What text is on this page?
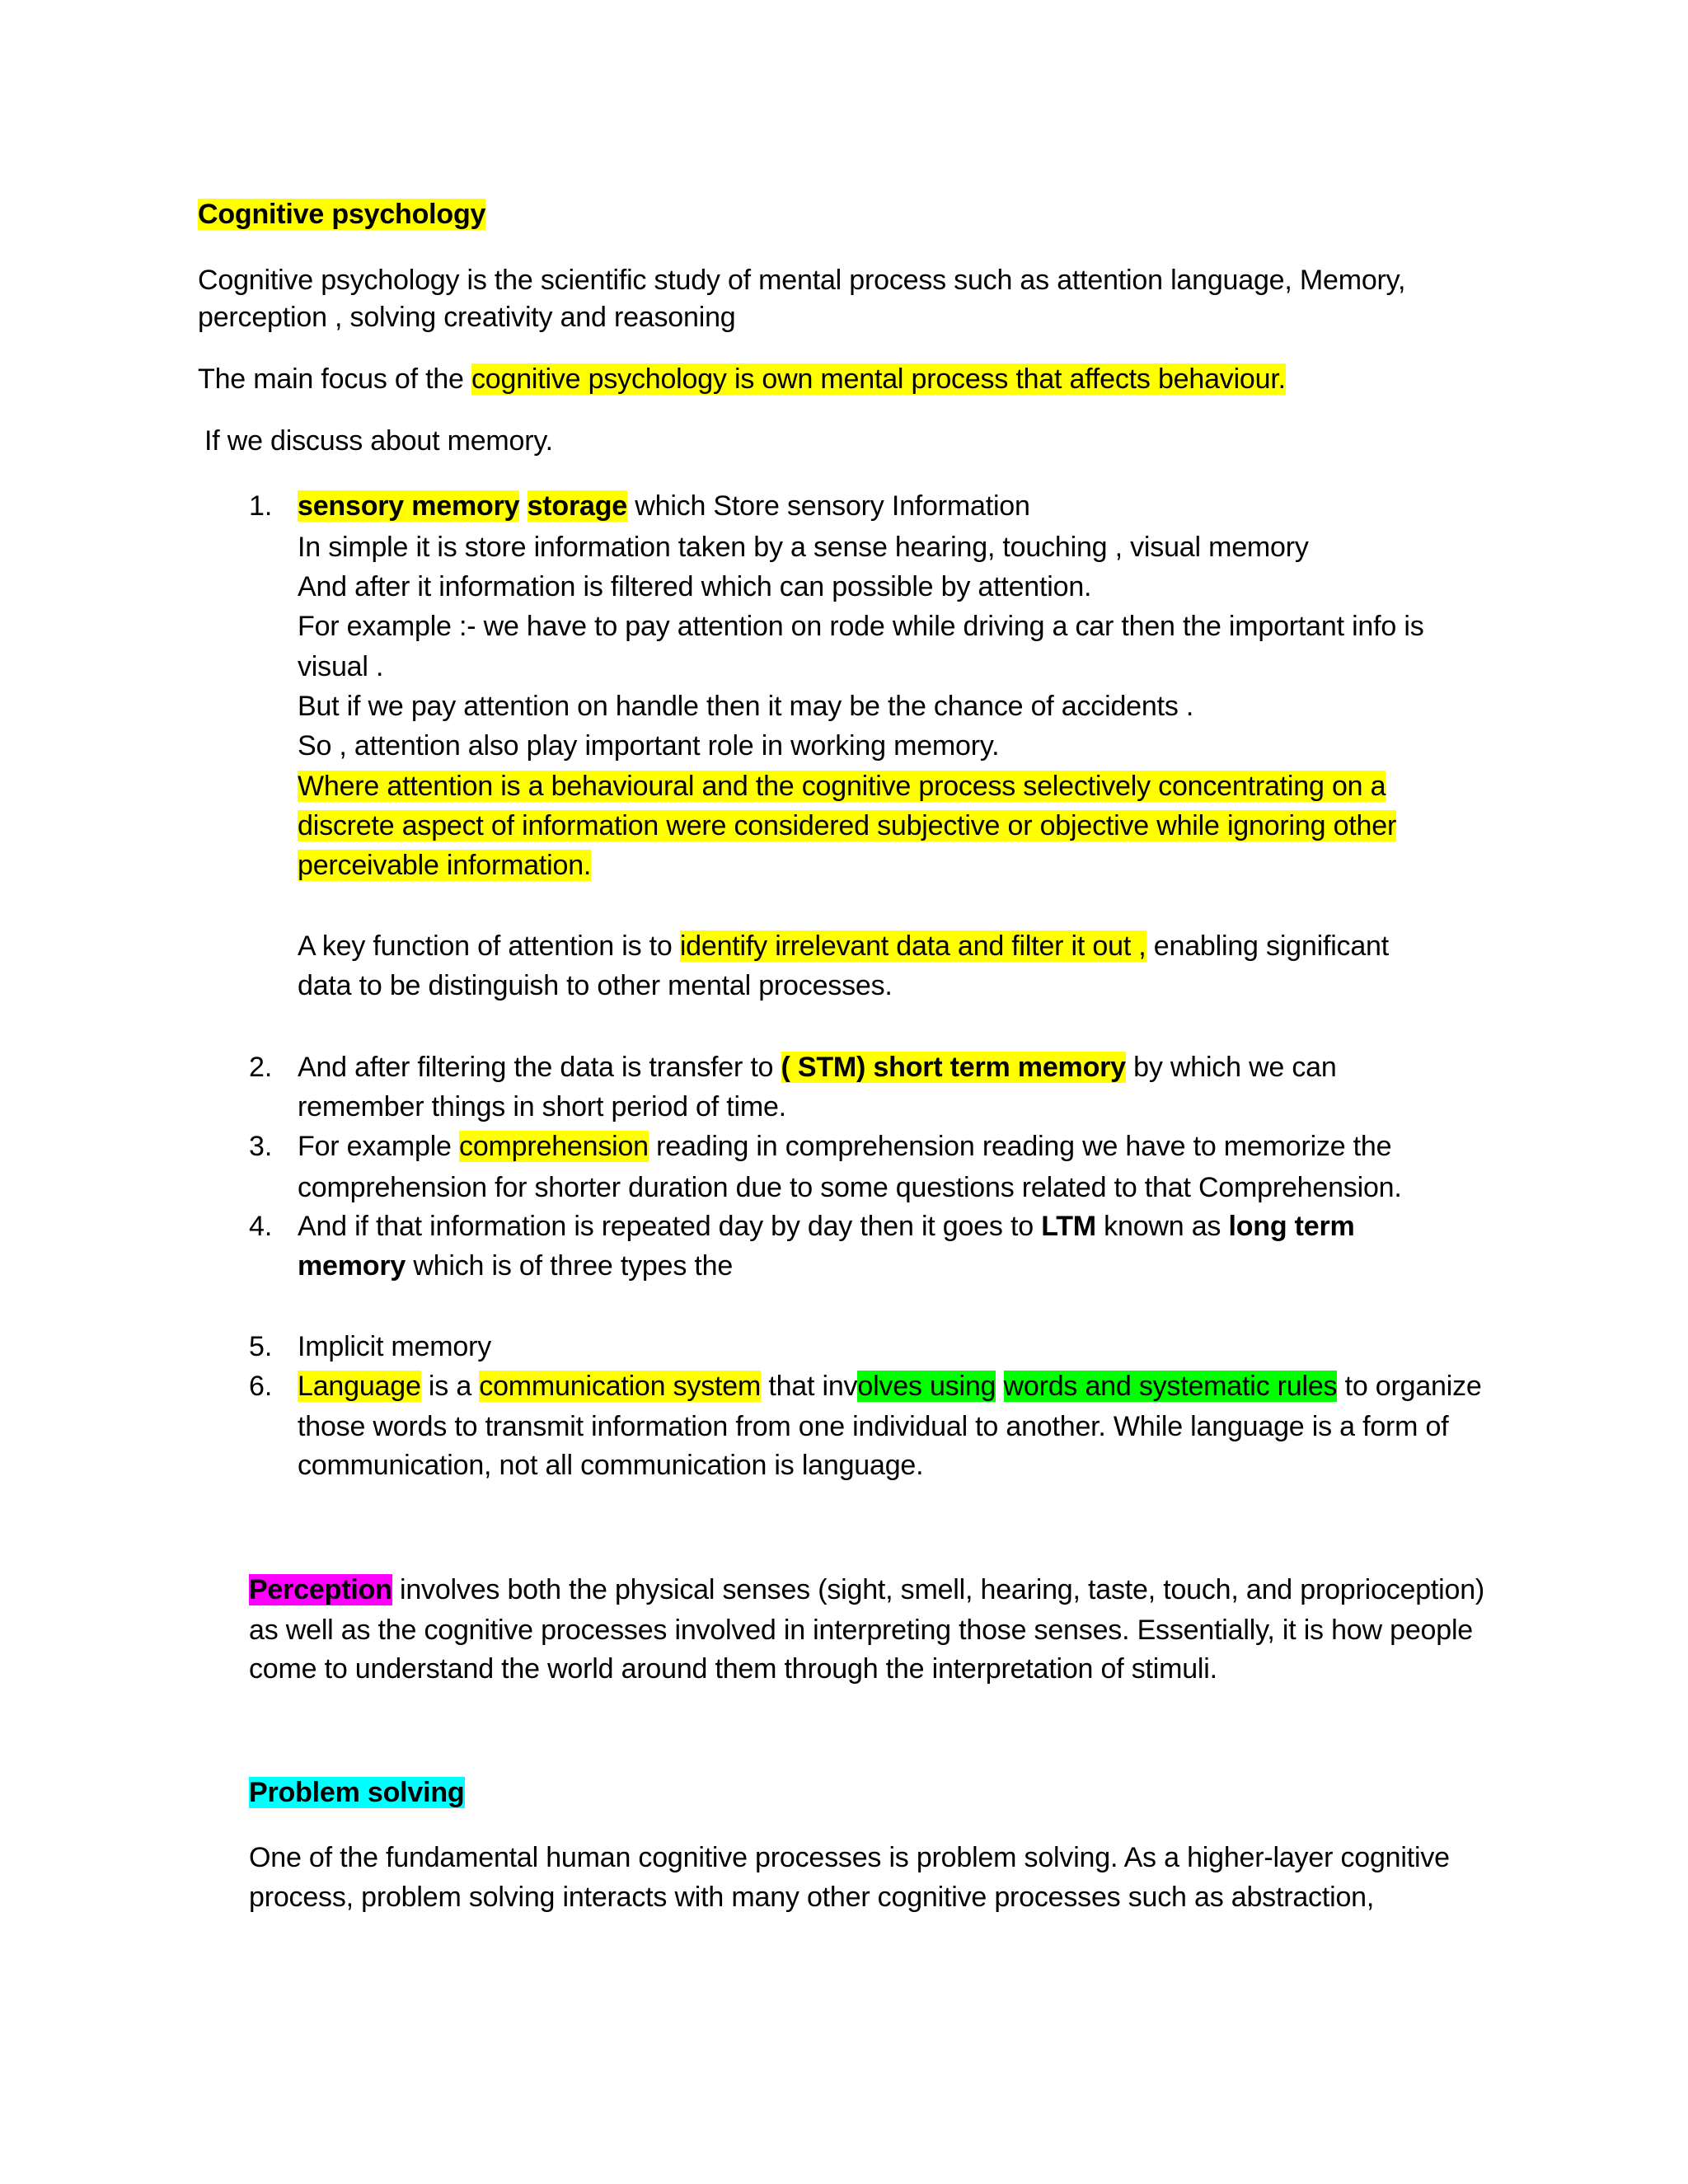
Cognitive psychology
Cognitive psychology is the scientific study of mental process such as attention language, Memory,
perception , solving creativity and reasoning
The main focus of the cognitive psychology is own mental process that affects behaviour.
If we discuss about memory.
1. sensory memory storage which Store sensory Information
In simple it is store information taken by a sense hearing, touching , visual memory
And after it information is filtered which can possible by attention.
For example :- we have to pay attention on rode while driving a car then the important info is
visual .
But if we pay attention on handle then it may be the chance of accidents .
So , attention also play important role in working memory.
Where attention is a behavioural and the cognitive process selectively concentrating on a
discrete aspect of information were considered subjective or objective while ignoring other
perceivable information.
A key function of attention is to identify irrelevant data and filter it out , enabling significant
data to be distinguish to other mental processes.
2. And after filtering the data is transfer to ( STM) short term memory by which we can
remember things in short period of time.
3. For example comprehension reading in comprehension reading we have to memorize the
comprehension for shorter duration due to some questions related to that Comprehension.
4. And if that information is repeated day by day then it goes to LTM known as long term
memory which is of three types the
5. Implicit memory
6. Language is a communication system that involves using words and systematic rules to organize
those words to transmit information from one individual to another. While language is a form of
communication, not all communication is language.
Perception involves both the physical senses (sight, smell, hearing, taste, touch, and proprioception)
as well as the cognitive processes involved in interpreting those senses. Essentially, it is how people
come to understand the world around them through the interpretation of stimuli.
Problem solving
One of the fundamental human cognitive processes is problem solving. As a higher-layer cognitive
process, problem solving interacts with many other cognitive processes such as abstraction,
